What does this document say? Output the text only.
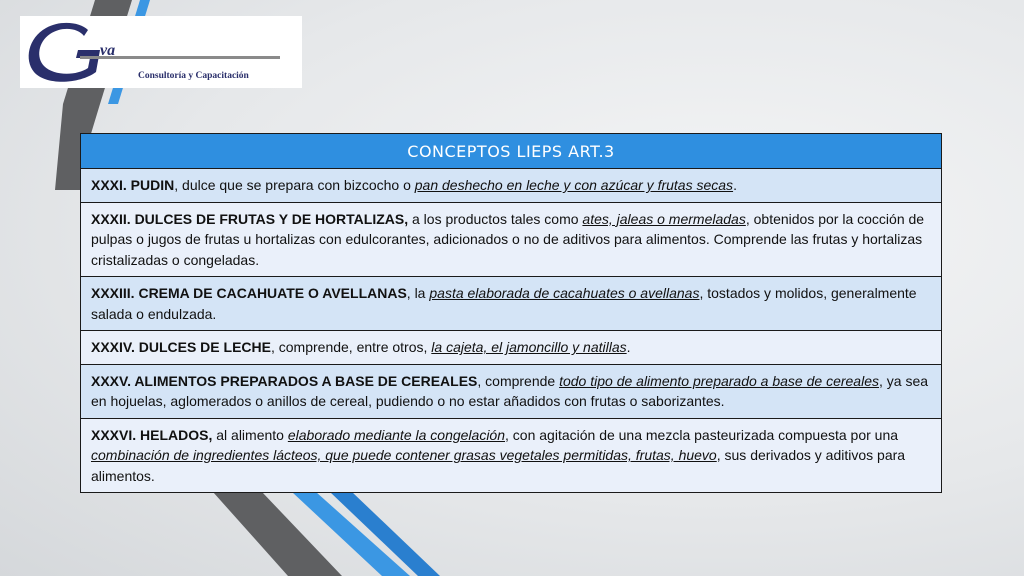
va
Consultoría y Capacitación
CONCEPTOS LIEPS ART.3
XXXI. PUDIN, dulce que se prepara con bizcocho o pan deshecho en leche y con azúcar y frutas secas.
XXXII. DULCES DE FRUTAS Y DE HORTALIZAS, a los productos tales como ates, jaleas o mermeladas, obtenidos por la cocción de pulpas o jugos de frutas u hortalizas con edulcorantes, adicionados o no de aditivos para alimentos. Comprende las frutas y hortalizas cristalizadas o congeladas.
XXXIII. CREMA DE CACAHUATE O AVELLANAS, la pasta elaborada de cacahuates o avellanas, tostados y molidos, generalmente salada o endulzada.
XXXIV. DULCES DE LECHE, comprende, entre otros, la cajeta, el jamoncillo y natillas.
XXXV. ALIMENTOS PREPARADOS A BASE DE CEREALES, comprende todo tipo de alimento preparado a base de cereales, ya sea en hojuelas, aglomerados o anillos de cereal, pudiendo o no estar añadidos con frutas o saborizantes.
XXXVI. HELADOS, al alimento elaborado mediante la congelación, con agitación de una mezcla pasteurizada compuesta por una combinación de ingredientes lácteos, que puede contener grasas vegetales permitidas, frutas, huevo, sus derivados y aditivos para alimentos.
